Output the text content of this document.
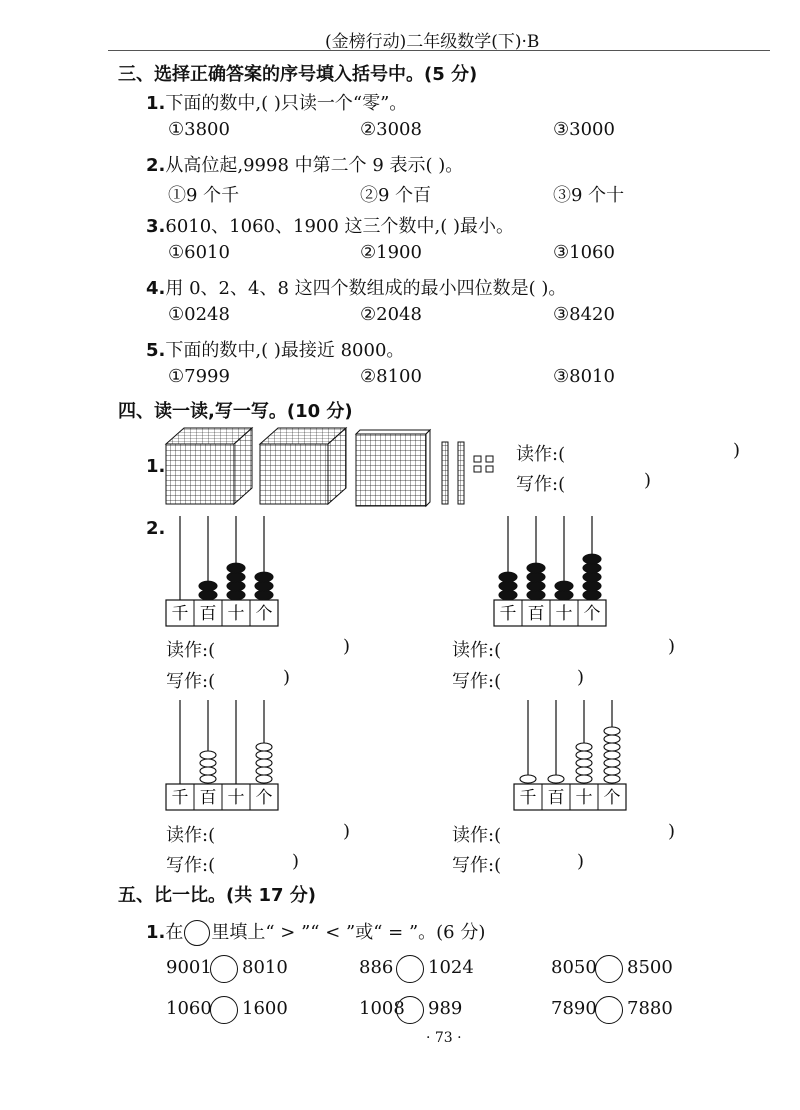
(金榜行动)二年级数学(下)·B
三、选择正确答案的序号填入括号中。(5 分)
1.下面的数中,( )只读一个“零”。
①3800	②3008	③3000
2.从高位起,9998 中第二个 9 表示( )。
①9 个千	②9 个百	③9 个十
3.6010、1060、1900 这三个数中,( )最小。
①6010	②1900	③1060
4.用 0、2、4、8 这四个数组成的最小四位数是( )。
①0248	②2048	③8420
5.下面的数中,( )最接近 8000。
①7999	②8100	③8010
四、读一读,写一写。(10 分)
1.
读作:(	)
写作:(	)
2.
千 百 十 个	千 百 十 个
千 百 十 个	千 百 十 个
读作:(	)
写作:(	)
读作:(	)
写作:(	)
读作:(	)
写作:(	)
读作:(	)
写作:(	)
五、比一比。(共 17 分)
1.在 里填上“ > ”“ < ”或“ = ”。(6 分)
9001 8010	886 1024	8050 8500
1060 1600	1008 989	7890 7880
· 73 ·
